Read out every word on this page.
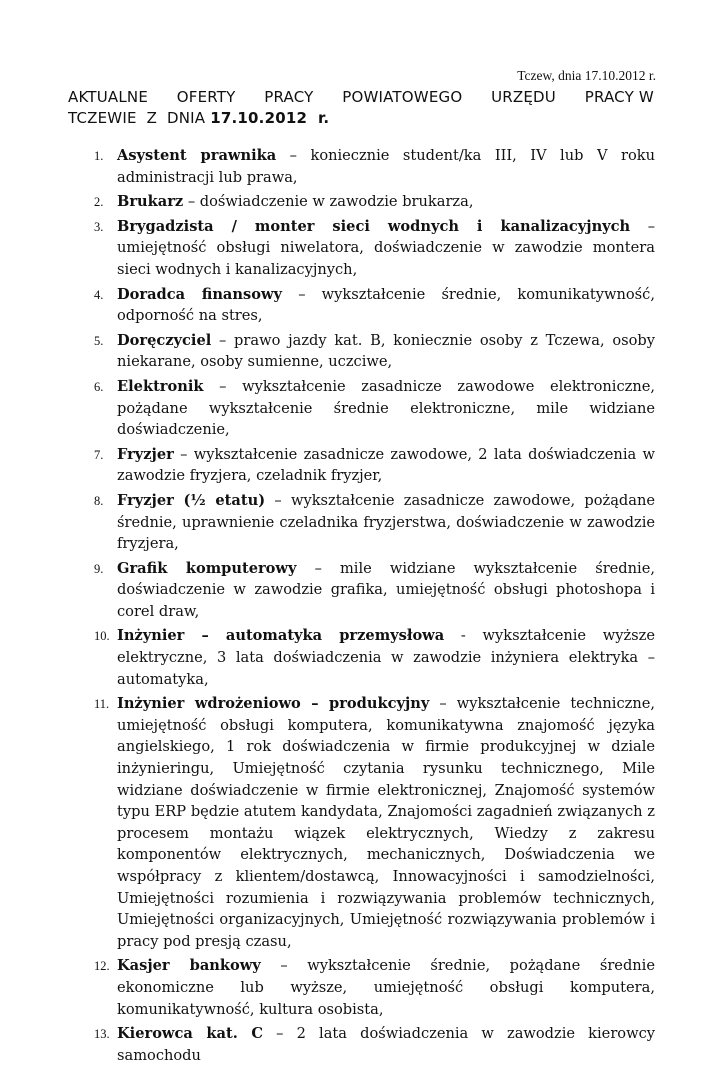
Tczew, dnia 17.10.2012 r.
AKTUALNE OFERTY PRACY POWIATOWEGO URZĘDU PRACY W
TCZEWIE  Z  DNIA 17.10.2012  r.
1. Asystent prawnika – koniecznie student/ka III, IV lub V roku administracji lub prawa,
2. Brukarz – doświadczenie w zawodzie brukarza,
3. Brygadzista / monter sieci wodnych i kanalizacyjnych – umiejętność obsługi niwelatora, doświadczenie w zawodzie montera sieci wodnych i kanalizacyjnych,
4. Doradca finansowy – wykształcenie średnie, komunikatywność, odporność na stres,
5. Doręczyciel – prawo jazdy kat. B, koniecznie osoby z Tczewa, osoby niekarane, osoby sumienne, uczciwe,
6. Elektronik – wykształcenie zasadnicze zawodowe elektroniczne, pożądane wykształcenie średnie elektroniczne, mile widziane doświadczenie,
7. Fryzjer – wykształcenie zasadnicze zawodowe, 2 lata doświadczenia w zawodzie fryzjera, czeladnik fryzjer,
8. Fryzjer (½ etatu) – wykształcenie zasadnicze zawodowe, pożądane średnie, uprawnienie czeladnika fryzjerstwa, doświadczenie w zawodzie fryzjera,
9. Grafik komputerowy – mile widziane wykształcenie średnie, doświadczenie w zawodzie grafika, umiejętność obsługi photoshopa i corel draw,
10. Inżynier – automatyka przemysłowa - wykształcenie wyższe elektryczne, 3 lata doświadczenia w zawodzie inżyniera elektryka – automatyka,
11. Inżynier wdrożeniowo – produkcyjny – wykształcenie techniczne, umiejętność obsługi komputera, komunikatywna znajomość języka angielskiego, 1 rok doświadczenia w firmie produkcyjnej w dziale inżynieringu, Umiejętność czytania rysunku technicznego, Mile widziane doświadczenie w firmie elektronicznej, Znajomość systemów typu ERP będzie atutem kandydata, Znajomości zagadnień związanych z procesem montażu wiązek elektrycznych, Wiedzy z zakresu komponentów elektrycznych, mechanicznych, Doświadczenia we współpracy z klientem/dostawcą, Innowacyjności i samodzielności, Umiejętności rozumienia i rozwiązywania problemów technicznych, Umiejętności organizacyjnych, Umiejętność rozwiązywania problemów i pracy pod presją czasu,
12. Kasjer bankowy – wykształcenie średnie, pożądane średnie ekonomiczne lub wyższe, umiejętność obsługi komputera, komunikatywność, kultura osobista,
13. Kierowca kat. C – 2 lata doświadczenia w zawodzie kierowcy samochodu
